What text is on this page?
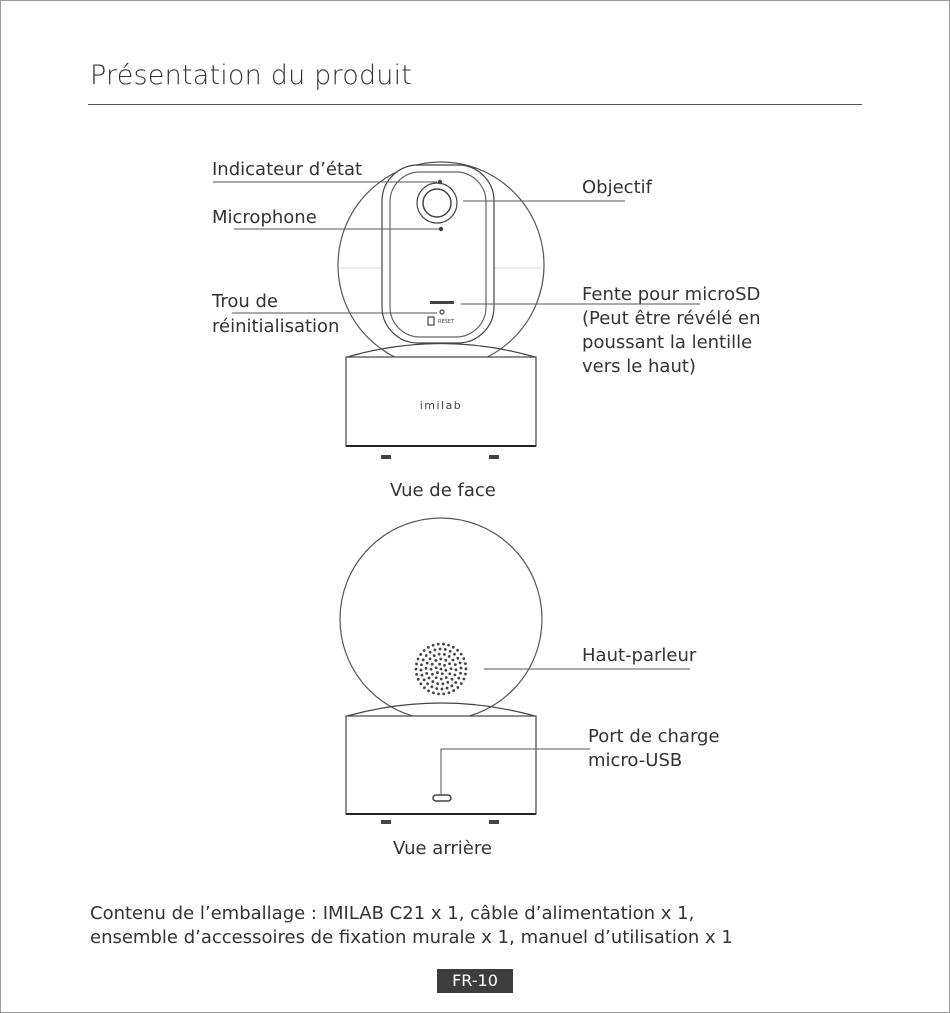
Présentation du produit
imilab
RESET
Indicateur d’état
Microphone
Trou de
réinitialisation
Objectif
Fente pour microSD
(Peut être révélé en
poussant la lentille
vers le haut)
Vue de face
Haut-parleur
Port de charge
micro-USB
Vue arrière
Contenu de l’emballage : IMILAB C21 x 1, câble d’alimentation x 1,
ensemble d’accessoires de fixation murale x 1, manuel d’utilisation x 1
FR-10
